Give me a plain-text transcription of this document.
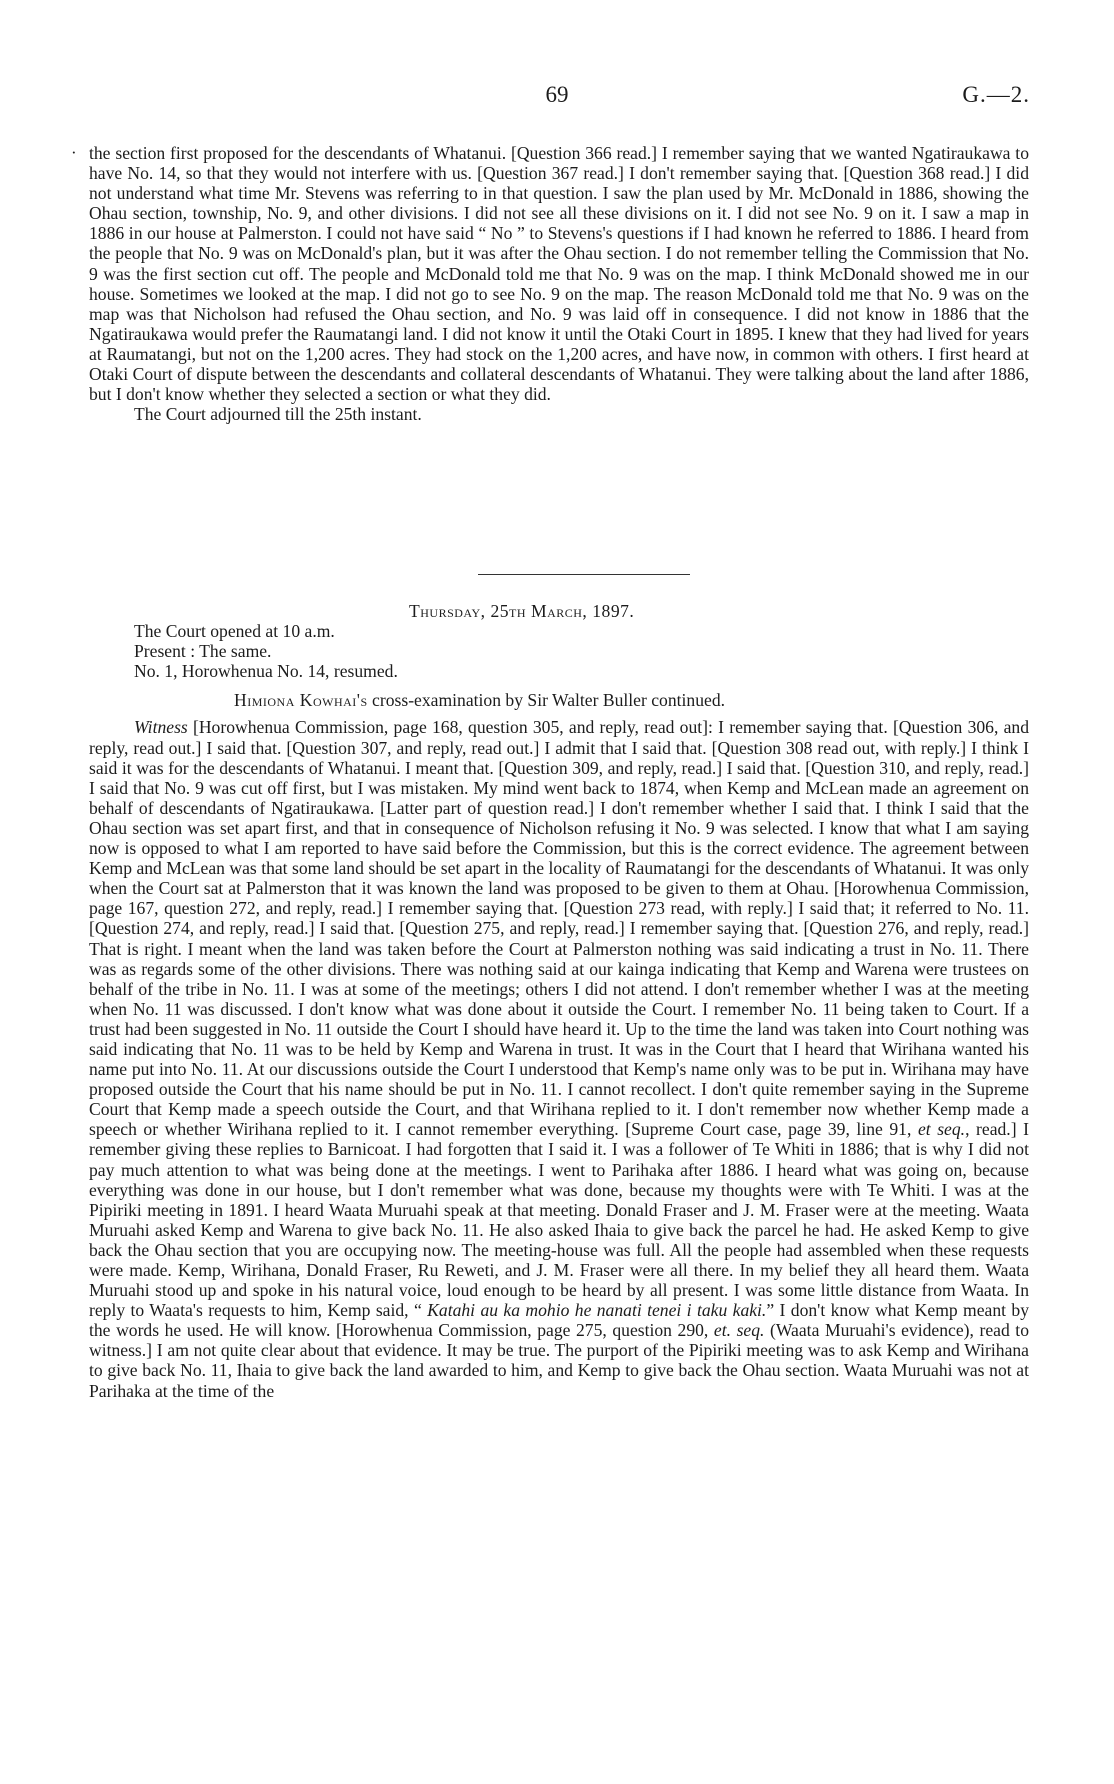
69	G.—2.
· the section first proposed for the descendants of Whatanui. [Question 366 read.] I remember saying that we wanted Ngatiraukawa to have No. 14, so that they would not interfere with us. [Question 367 read.] I don't remember saying that. [Question 368 read.] I did not understand what time Mr. Stevens was referring to in that question. I saw the plan used by Mr. McDonald in 1886, showing the Ohau section, township, No. 9, and other divisions. I did not see all these divisions on it. I did not see No. 9 on it. I saw a map in 1886 in our house at Palmerston. I could not have said “ No ” to Stevens's questions if I had known he referred to 1886. I heard from the people that No. 9 was on McDonald's plan, but it was after the Ohau section. I do not remember telling the Commission that No. 9 was the first section cut off. The people and McDonald told me that No. 9 was on the map. I think McDonald showed me in our house. Sometimes we looked at the map. I did not go to see No. 9 on the map. The reason McDonald told me that No. 9 was on the map was that Nicholson had refused the Ohau section, and No. 9 was laid off in consequence. I did not know in 1886 that the Ngatiraukawa would prefer the Raumatangi land. I did not know it until the Otaki Court in 1895. I knew that they had lived for years at Raumatangi, but not on the 1,200 acres. They had stock on the 1,200 acres, and have now, in common with others. I first heard at Otaki Court of dispute between the descendants and collateral descendants of Whatanui. They were talking about the land after 1886, but I don't know whether they selected a section or what they did.

The Court adjourned till the 25th instant.

Thursday, 25th March, 1897.

The Court opened at 10 a.m.

Present : The same.

No. 1, Horowhenua No. 14, resumed.

Himiona Kowhai's cross-examination by Sir Walter Buller continued.

Witness [Horowhenua Commission, page 168, question 305, and reply, read out]: I remember saying that. [Question 306, and reply, read out.] I said that. [Question 307, and reply, read out.] I admit that I said that. [Question 308 read out, with reply.] I think I said it was for the descendants of Whatanui. I meant that. [Question 309, and reply, read.] I said that. [Question 310, and reply, read.] I said that No. 9 was cut off first, but I was mistaken. My mind went back to 1874, when Kemp and McLean made an agreement on behalf of descendants of Ngatiraukawa. [Latter part of question read.] I don't remember whether I said that. I think I said that the Ohau section was set apart first, and that in consequence of Nicholson refusing it No. 9 was selected. I know that what I am saying now is opposed to what I am reported to have said before the Commission, but this is the correct evidence. The agreement between Kemp and McLean was that some land should be set apart in the locality of Raumatangi for the descendants of Whatanui. It was only when the Court sat at Palmerston that it was known the land was proposed to be given to them at Ohau. [Horowhenua Commission, page 167, question 272, and reply, read.] I remember saying that. [Question 273 read, with reply.] I said that; it referred to No. 11. [Question 274, and reply, read.] I said that. [Question 275, and reply, read.] I remember saying that. [Question 276, and reply, read.] That is right. I meant when the land was taken before the Court at Palmerston nothing was said indicating a trust in No. 11. There was as regards some of the other divisions. There was nothing said at our kainga indicating that Kemp and Warena were trustees on behalf of the tribe in No. 11. I was at some of the meetings; others I did not attend. I don't remember whether I was at the meeting when No. 11 was discussed. I don't know what was done about it outside the Court. I remember No. 11 being taken to Court. If a trust had been suggested in No. 11 outside the Court I should have heard it. Up to the time the land was taken into Court nothing was said indicating that No. 11 was to be held by Kemp and Warena in trust. It was in the Court that I heard that Wirihana wanted his name put into No. 11. At our discussions outside the Court I understood that Kemp's name only was to be put in. Wirihana may have proposed outside the Court that his name should be put in No. 11. I cannot recollect. I don't quite remember saying in the Supreme Court that Kemp made a speech outside the Court, and that Wirihana replied to it. I don't remember now whether Kemp made a speech or whether Wirihana replied to it. I cannot remember everything. [Supreme Court case, page 39, line 91, et seq., read.] I remember giving these replies to Barnicoat. I had forgotten that I said it. I was a follower of Te Whiti in 1886; that is why I did not pay much attention to what was being done at the meetings. I went to Parihaka after 1886. I heard what was going on, because everything was done in our house, but I don't remember what was done, because my thoughts were with Te Whiti. I was at the Pipiriki meeting in 1891. I heard Waata Muruahi speak at that meeting. Donald Fraser and J. M. Fraser were at the meeting. Waata Muruahi asked Kemp and Warena to give back No. 11. He also asked Ihaia to give back the parcel he had. He asked Kemp to give back the Ohau section that you are occupying now. The meeting-house was full. All the people had assembled when these requests were made. Kemp, Wirihana, Donald Fraser, Ru Reweti, and J. M. Fraser were all there. In my belief they all heard them. Waata Muruahi stood up and spoke in his natural voice, loud enough to be heard by all present. I was some little distance from Waata. In reply to Waata's requests to him, Kemp said, “ Katahi au ka mohio he nanati tenei i taku kaki.” I don't know what Kemp meant by the words he used. He will know. [Horowhenua Commission, page 275, question 290, et. seq. (Waata Muruahi's evidence), read to witness.] I am not quite clear about that evidence. It may be true. The purport of the Pipiriki meeting was to ask Kemp and Wirihana to give back No. 11, Ihaia to give back the land awarded to him, and Kemp to give back the Ohau section. Waata Muruahi was not at Parihaka at the time of the
